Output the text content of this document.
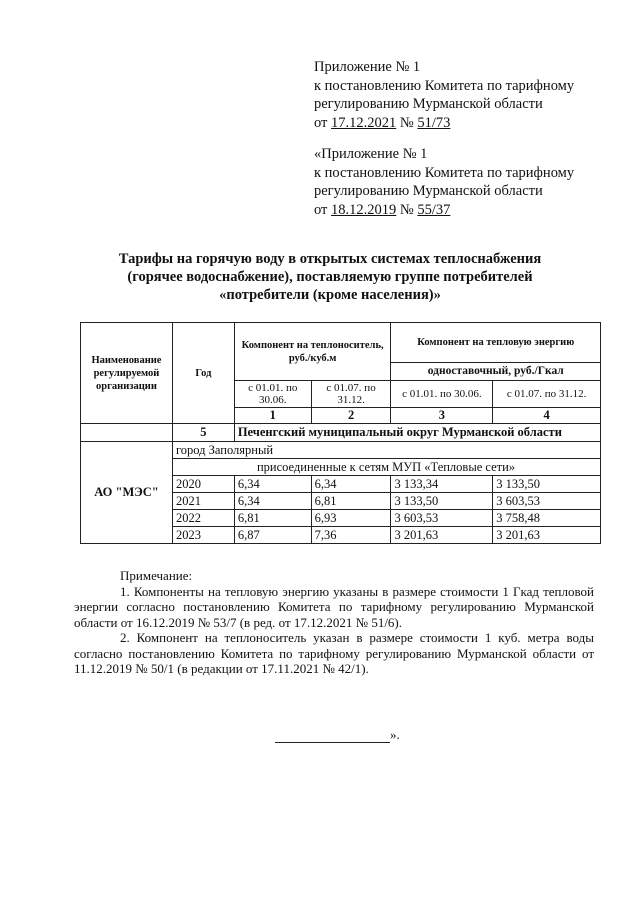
Приложение № 1
к постановлению Комитета по тарифному
регулированию Мурманской области
от 17.12.2021 № 51/73
«Приложение № 1
к постановлению Комитета по тарифному
регулированию Мурманской области
от 18.12.2019 № 55/37
Тарифы на горячую воду в открытых системах теплоснабжения
(горячее водоснабжение), поставляемую группе потребителей
«потребители (кроме населения)»
Наименование регулируемой организации	Год	Компонент на теплоноситель, руб./куб.м		Компонент на тепловую энергию	
				одноставочный, руб./Гкал	
		с 01.01. по 30.06.	с 01.07. по 31.12.	с 01.01. по 30.06.	с 01.07. по 31.12.
		1	2	3	4
	5	Печенгский муниципальный округ Мурманской области			
АО "МЭС"	город Заполярный				
	присоединенные к сетям МУП «Тепловые сети»				
	2020	6,34	6,34	3 133,34	3 133,50
	2021	6,34	6,81	3 133,50	3 603,53
	2022	6,81	6,93	3 603,53	3 758,48
	2023	6,87	7,36	3 201,63	3 201,63

Примечание:

1. Компоненты на тепловую энергию указаны в размере стоимости 1 Гкад тепловой энергии согласно постановлению Комитета по тарифному регулированию Мурманской области от 16.12.2019 № 53/7 (в ред. от 17.12.2021 № 51/6).

2. Компонент на теплоноситель указан в размере стоимости 1 куб. метра воды согласно постановлению Комитета по тарифному регулированию Мурманской области от 11.12.2019 № 50/1 (в редакции от 17.11.2021 № 42/1).

».
